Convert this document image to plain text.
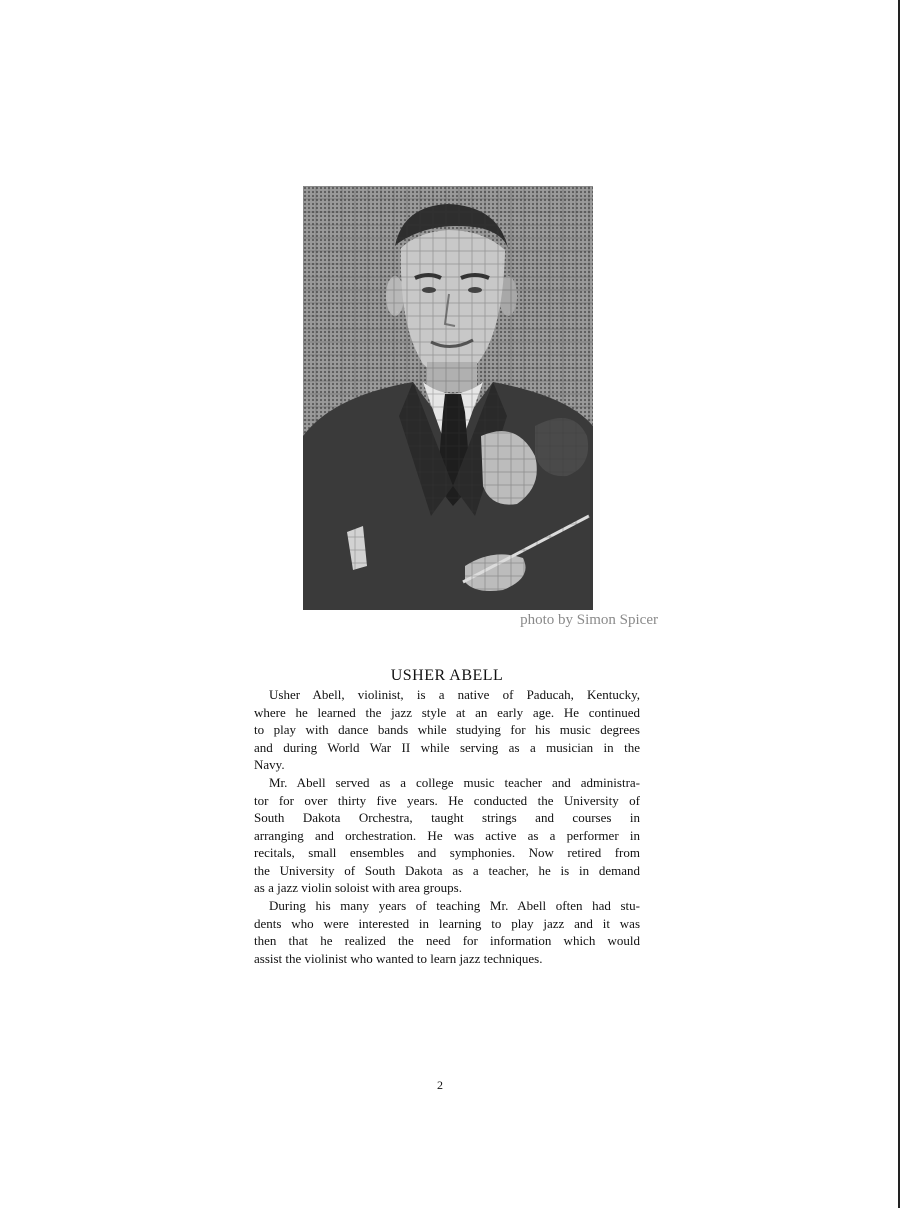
photo by Simon Spicer
USHER ABELL
Usher Abell, violinist, is a native of Paducah, Kentucky,
where he learned the jazz style at an early age. He continued
to play with dance bands while studying for his music degrees
and during World War II while serving as a musician in the
Navy.
Mr. Abell served as a college music teacher and administra-
tor for over thirty five years. He conducted the University of
South Dakota Orchestra, taught strings and courses in
arranging and orchestration. He was active as a performer in
recitals, small ensembles and symphonies. Now retired from
the University of South Dakota as a teacher, he is in demand
as a jazz violin soloist with area groups.
During his many years of teaching Mr. Abell often had stu-
dents who were interested in learning to play jazz and it was
then that he realized the need for information which would
assist the violinist who wanted to learn jazz techniques.
2
